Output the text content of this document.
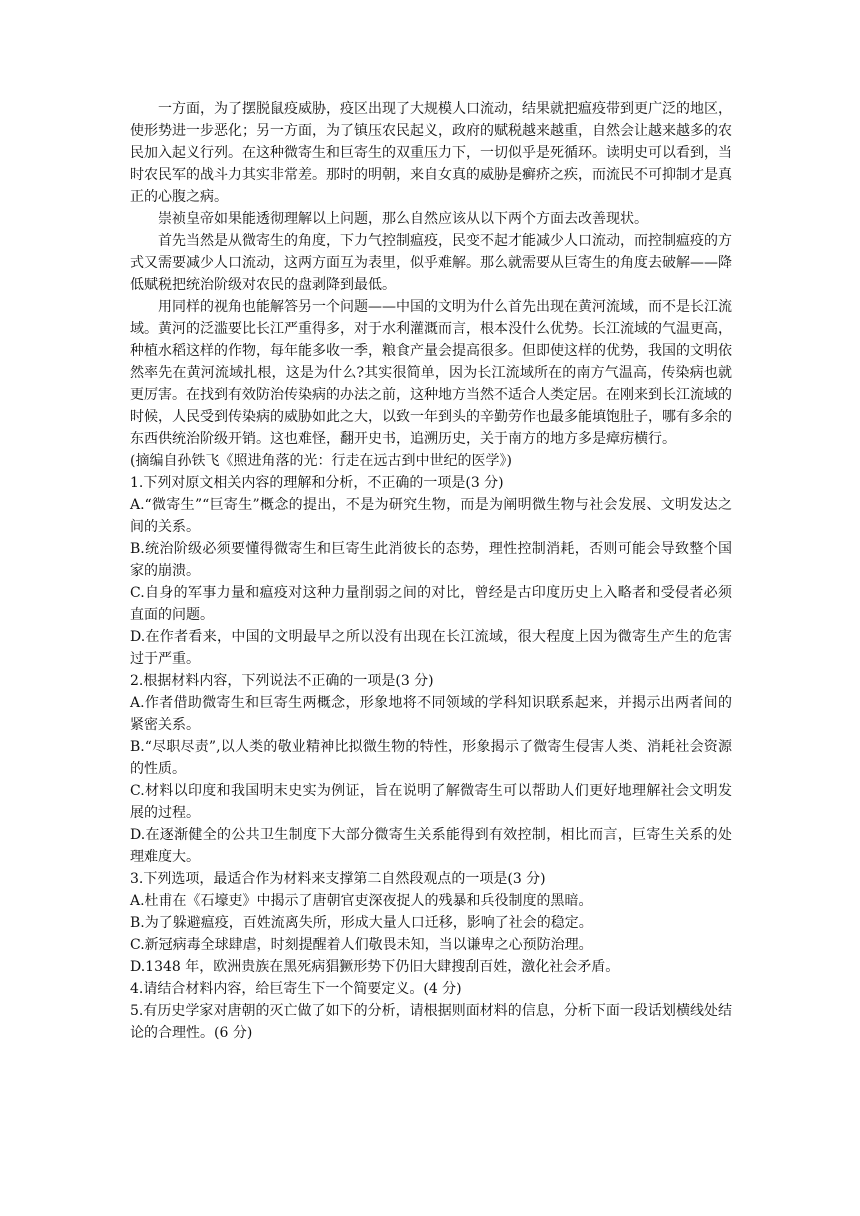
一方面，为了摆脱鼠疫威胁，疫区出现了大规模人口流动，结果就把瘟疫带到更广泛的地区，使形势进一步恶化；另一方面，为了镇压农民起义，政府的赋税越来越重，自然会让越来越多的农民加入起义行列。在这种微寄生和巨寄生的双重压力下，一切似乎是死循环。读明史可以看到，当时农民军的战斗力其实非常差。那时的明朝，来自女真的威胁是癣疥之疾，而流民不可抑制才是真正的心腹之病。

崇祯皇帝如果能透彻理解以上问题，那么自然应该从以下两个方面去改善现状。

首先当然是从微寄生的角度，下力气控制瘟疫，民变不起才能减少人口流动，而控制瘟疫的方式又需要减少人口流动，这两方面互为表里，似乎难解。那么就需要从巨寄生的角度去破解——降低赋税把统治阶级对农民的盘剥降到最低。

用同样的视角也能解答另一个问题——中国的文明为什么首先出现在黄河流域，而不是长江流域。黄河的泛滥要比长江严重得多，对于水利灌溉而言，根本没什么优势。长江流域的气温更高，种植水稻这样的作物，每年能多收一季，粮食产量会提高很多。但即使这样的优势，我国的文明依然率先在黄河流域扎根，这是为什么?其实很简单，因为长江流域所在的南方气温高，传染病也就更厉害。在找到有效防治传染病的办法之前，这种地方当然不适合人类定居。在刚来到长江流域的时候，人民受到传染病的威胁如此之大，以致一年到头的辛勤劳作也最多能填饱肚子，哪有多余的东西供统治阶级开销。这也难怪，翻开史书，追溯历史，关于南方的地方多是瘴疠横行。

(摘编自孙铁飞《照进角落的光：行走在远古到中世纪的医学》)

1.下列对原文相关内容的理解和分析，不正确的一项是(3 分)

A.“微寄生”“巨寄生”概念的提出，不是为研究生物，而是为阐明微生物与社会发展、文明发达之间的关系。

B.统治阶级必须要懂得微寄生和巨寄生此消彼长的态势，理性控制消耗，否则可能会导致整个国家的崩溃。

C.自身的军事力量和瘟疫对这种力量削弱之间的对比，曾经是古印度历史上入略者和受侵者必须直面的问题。

D.在作者看来，中国的文明最早之所以没有出现在长江流域，很大程度上因为微寄生产生的危害过于严重。

2.根据材料内容，下列说法不正确的一项是(3 分)

A.作者借助微寄生和巨寄生两概念，形象地将不同领域的学科知识联系起来，并揭示出两者间的紧密关系。

B.“尽职尽责”,以人类的敬业精神比拟微生物的特性，形象揭示了微寄生侵害人类、消耗社会资源的性质。

C.材料以印度和我国明末史实为例证，旨在说明了解微寄生可以帮助人们更好地理解社会文明发展的过程。

D.在逐渐健全的公共卫生制度下大部分微寄生关系能得到有效控制，相比而言，巨寄生关系的处理难度大。

3.下列选项，最适合作为材料来支撑第二自然段观点的一项是(3 分)

A.杜甫在《石壕吏》中揭示了唐朝官吏深夜捉人的残暴和兵役制度的黑暗。

B.为了躲避瘟疫，百姓流离失所，形成大量人口迁移，影响了社会的稳定。

C.新冠病毒全球肆虐，时刻提醒着人们敬畏未知，当以谦卑之心预防治理。

D.1348 年，欧洲贵族在黑死病猖獗形势下仍旧大肆搜刮百姓，激化社会矛盾。

4.请结合材料内容，给巨寄生下一个简要定义。(4 分)

5.有历史学家对唐朝的灭亡做了如下的分析，请根据则面材料的信息，分析下面一段话划横线处结论的合理性。(6 分)
